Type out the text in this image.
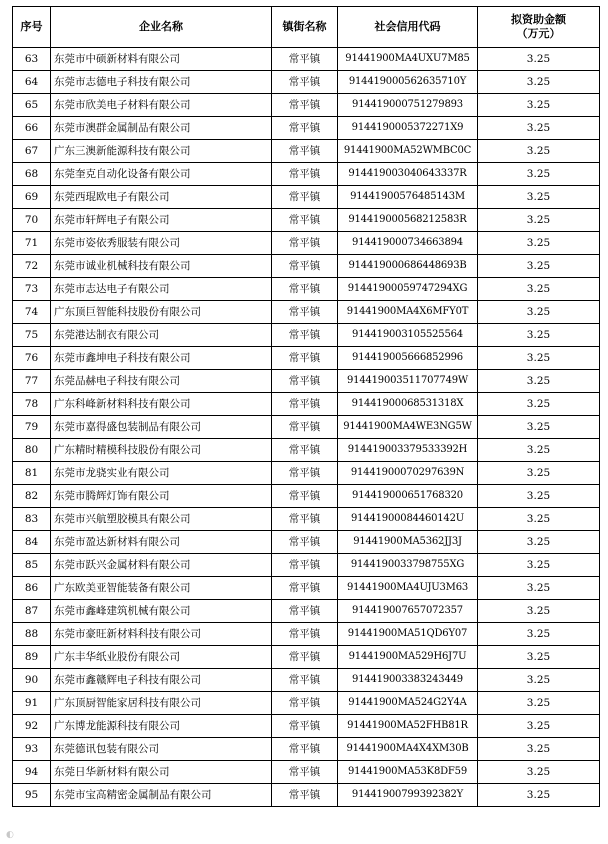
序号	企业名称	镇街名称	社会信用代码	拟资助金额
（万元）

63	东莞市中硕新材料有限公司	常平镇	91441900MA4UXU7M85	3.25
64	东莞市志德电子科技有限公司	常平镇	914419000562635710Y	3.25
65	东莞市欣美电子材料有限公司	常平镇	914419000751279893	3.25
66	东莞市澳群金属制品有限公司	常平镇	9144190005372271X9	3.25
67	广东三澳新能源科技有限公司	常平镇	91441900MA52WMBC0C	3.25
68	东莞奎克自动化设备有限公司	常平镇	914419003040643337R	3.25
69	东莞西琨欧电子有限公司	常平镇	91441900576485143M	3.25
70	东莞市轩辉电子有限公司	常平镇	914419000568212583R	3.25
71	东莞市姿依秀服装有限公司	常平镇	914419000734663894	3.25
72	东莞市诚业机械科技有限公司	常平镇	914419000686448693B	3.25
73	东莞市志达电子有限公司	常平镇	91441900059747294XG	3.25
74	广东顶巨智能科技股份有限公司	常平镇	91441900MA4X6MFY0T	3.25
75	东莞港达制衣有限公司	常平镇	914419003105525564	3.25
76	东莞市鑫坤电子科技有限公司	常平镇	914419005666852996	3.25
77	东莞品赫电子科技有限公司	常平镇	914419003511707749W	3.25
78	广东科峰新材料科技有限公司	常平镇	91441900068531318X	3.25
79	东莞市嘉得盛包装制品有限公司	常平镇	91441900MA4WE3NG5W	3.25
80	广东精时精模科技股份有限公司	常平镇	914419003379533392H	3.25
81	东莞市龙骁实业有限公司	常平镇	91441900070297639N	3.25
82	东莞市腾辉灯饰有限公司	常平镇	914419000651768320	3.25
83	东莞市兴航塑胶模具有限公司	常平镇	91441900084460142U	3.25
84	东莞市盈达新材料有限公司	常平镇	91441900MA5362JJ3J	3.25
85	东莞市跃兴金属材料有限公司	常平镇	9144190033798755XG	3.25
86	广东欧美亚智能装备有限公司	常平镇	91441900MA4UJU3M63	3.25
87	东莞市鑫峰建筑机械有限公司	常平镇	914419007657072357	3.25
88	东莞市豪旺新材料科技有限公司	常平镇	91441900MA51QD6Y07	3.25
89	广东丰华纸业股份有限公司	常平镇	91441900MA529H6J7U	3.25
90	东莞市鑫赣辉电子科技有限公司	常平镇	914419003383243449	3.25
91	广东顶厨智能家居科技有限公司	常平镇	91441900MA524G2Y4A	3.25
92	广东博龙能源科技有限公司	常平镇	91441900MA52FHB81R	3.25
93	东莞德讯包装有限公司	常平镇	91441900MA4X4XM30B	3.25
94	东莞日华新材料有限公司	常平镇	91441900MA53K8DF59	3.25
95	东莞市宝高精密金属制品有限公司	常平镇	91441900799392382Y	3.25
◐
